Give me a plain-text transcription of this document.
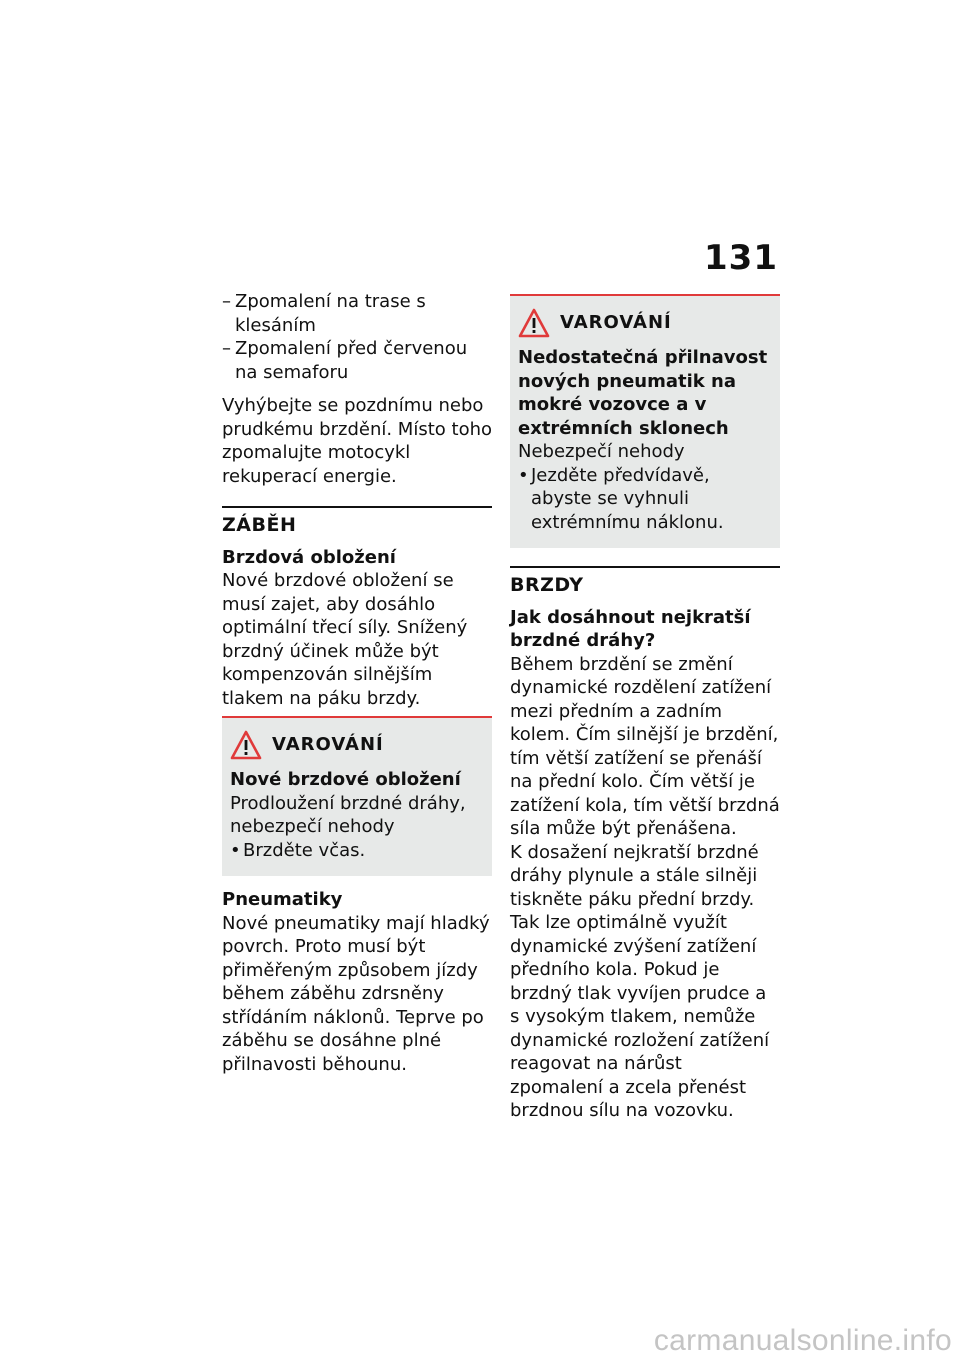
131

– Zpomalení na trase s klesáním

– Zpomalení před červenou na semaforu

Vyhýbejte se pozdnímu nebo prudkému brzdění. Místo toho zpomalujte motocykl rekuperací energie.

ZÁBĚH
Brzdová obložení

Nové brzdové obložení se musí zajet, aby dosáhlo optimální třecí síly. Snížený brzdný účinek může být kompenzován silnějším tlakem na páku brzdy.

VAROVÁNÍ
Nové brzdové obložení

Prodloužení brzdné dráhy, nebezpečí nehody

• Brzděte včas.

Pneumatiky

Nové pneumatiky mají hladký povrch. Proto musí být přiměřeným způsobem jízdy během záběhu zdrsněny střídáním náklonů. Teprve po záběhu se dosáhne plné přilnavosti běhounu.

VAROVÁNÍ
Nedostatečná přilnavost nových pneumatik na mokré vozovce a v extrémních sklonech

Nebezpečí nehody

• Jezděte předvídavě, abyste se vyhnuli extrémnímu náklonu.

BRZDY
Jak dosáhnout nejkratší brzdné dráhy?

Během brzdění se změní dynamické rozdělení zatížení mezi předním a zadním kolem. Čím silnější je brzdění, tím větší zatížení se přenáší na přední kolo. Čím větší je zatížení kola, tím větší brzdná síla může být přenášena.

K dosažení nejkratší brzdné dráhy plynule a stále silněji tiskněte páku přední brzdy. Tak lze optimálně využít dynamické zvýšení zatížení předního kola. Pokud je brzdný tlak vyvíjen prudce a s vysokým tlakem, nemůže dynamické rozložení zatížení reagovat na nárůst zpomalení a zcela přenést brzdnou sílu na vozovku.

carmanualsonline.info
